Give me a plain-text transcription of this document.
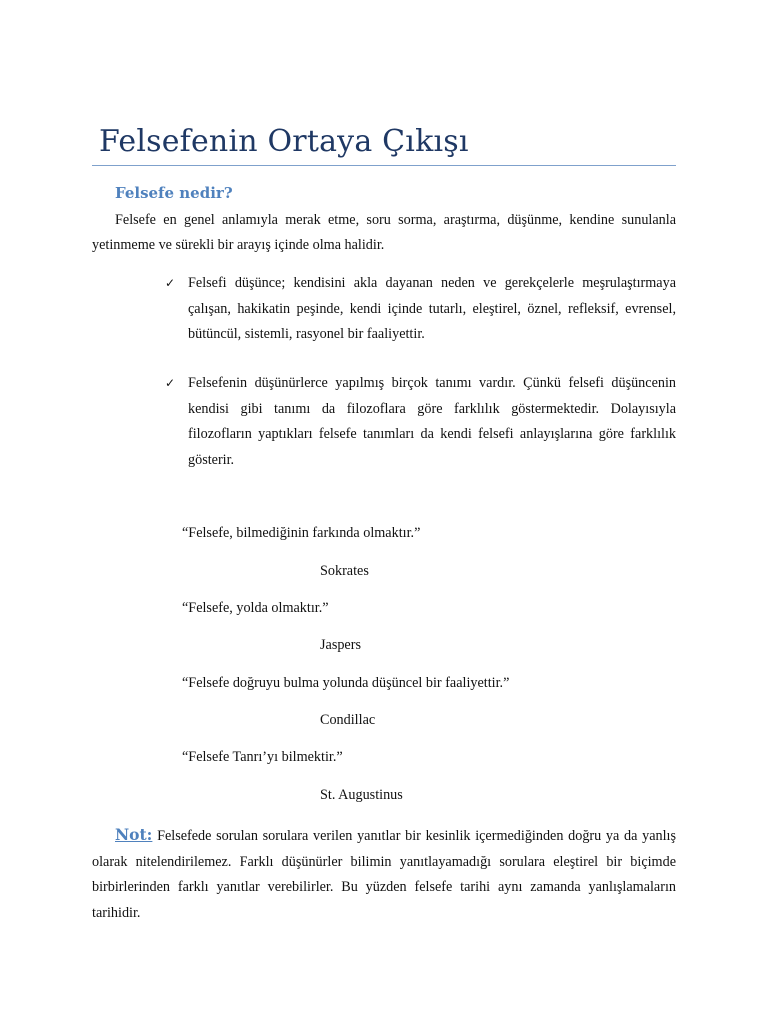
Felsefenin Ortaya Çıkışı
Felsefe nedir?
Felsefe en genel anlamıyla merak etme, soru sorma, araştırma, düşünme, kendine sunulanla yetinmeme ve sürekli bir arayış içinde olma halidir.
✓ Felsefi düşünce; kendisini akla dayanan neden ve gerekçelerle meşrulaştırmaya çalışan, hakikatin peşinde, kendi içinde tutarlı, eleştirel, öznel, refleksif, evrensel, bütüncül, sistemli, rasyonel bir faaliyettir.
✓ Felsefenin düşünürlerce yapılmış birçok tanımı vardır. Çünkü felsefi düşüncenin kendisi gibi tanımı da filozoflara göre farklılık göstermektedir. Dolayısıyla filozofların yaptıkları felsefe tanımları da kendi felsefi anlayışlarına göre farklılık gösterir.
“Felsefe, bilmediğinin farkında olmaktır.”
Sokrates
“Felsefe, yolda olmaktır.”
Jaspers
“Felsefe doğruyu bulma yolunda düşüncel bir faaliyettir.”
Condillac
“Felsefe Tanrı’yı bilmektir.”
St. Augustinus
Not: Felsefede sorulan sorulara verilen yanıtlar bir kesinlik içermediğinden doğru ya da yanlış olarak nitelendirilemez. Farklı düşünürler bilimin yanıtlayamadığı sorulara eleştirel bir biçimde birbirlerinden farklı yanıtlar verebilirler. Bu yüzden felsefe tarihi aynı zamanda yanlışlamaların tarihidir.
